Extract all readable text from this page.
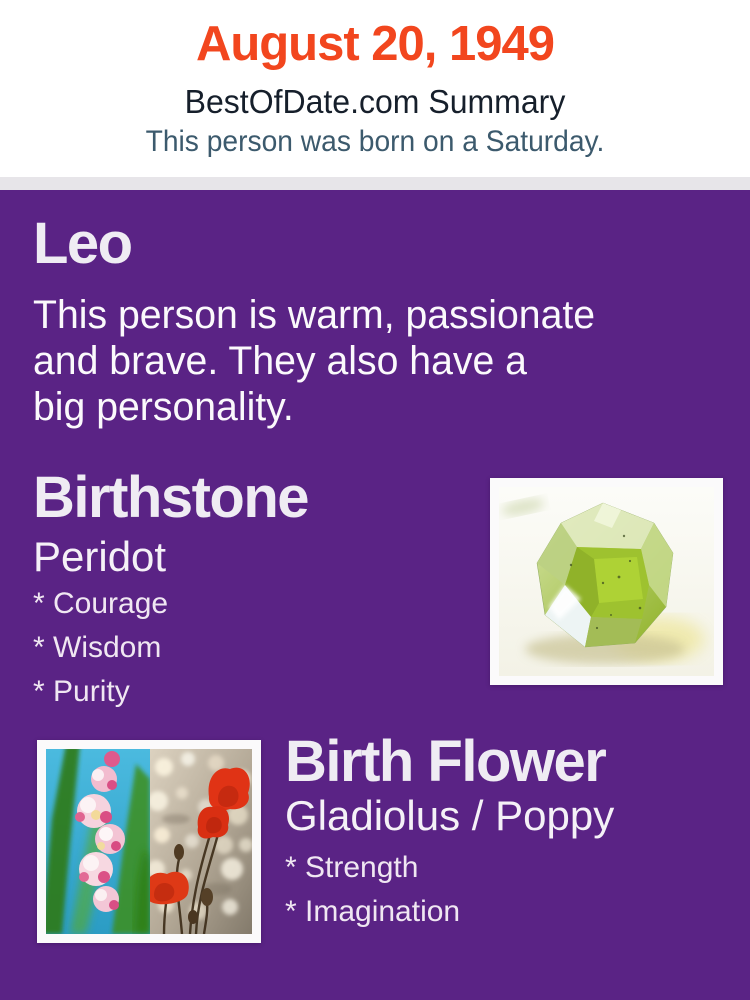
August 20, 1949
BestOfDate.com Summary
This person was born on a Saturday.
Leo
This person is warm, passionate
and brave. They also have a
big personality.
Birthstone
Peridot
* Courage
* Wisdom
* Purity
Birth Flower
Gladiolus / Poppy
* Strength
* Imagination
